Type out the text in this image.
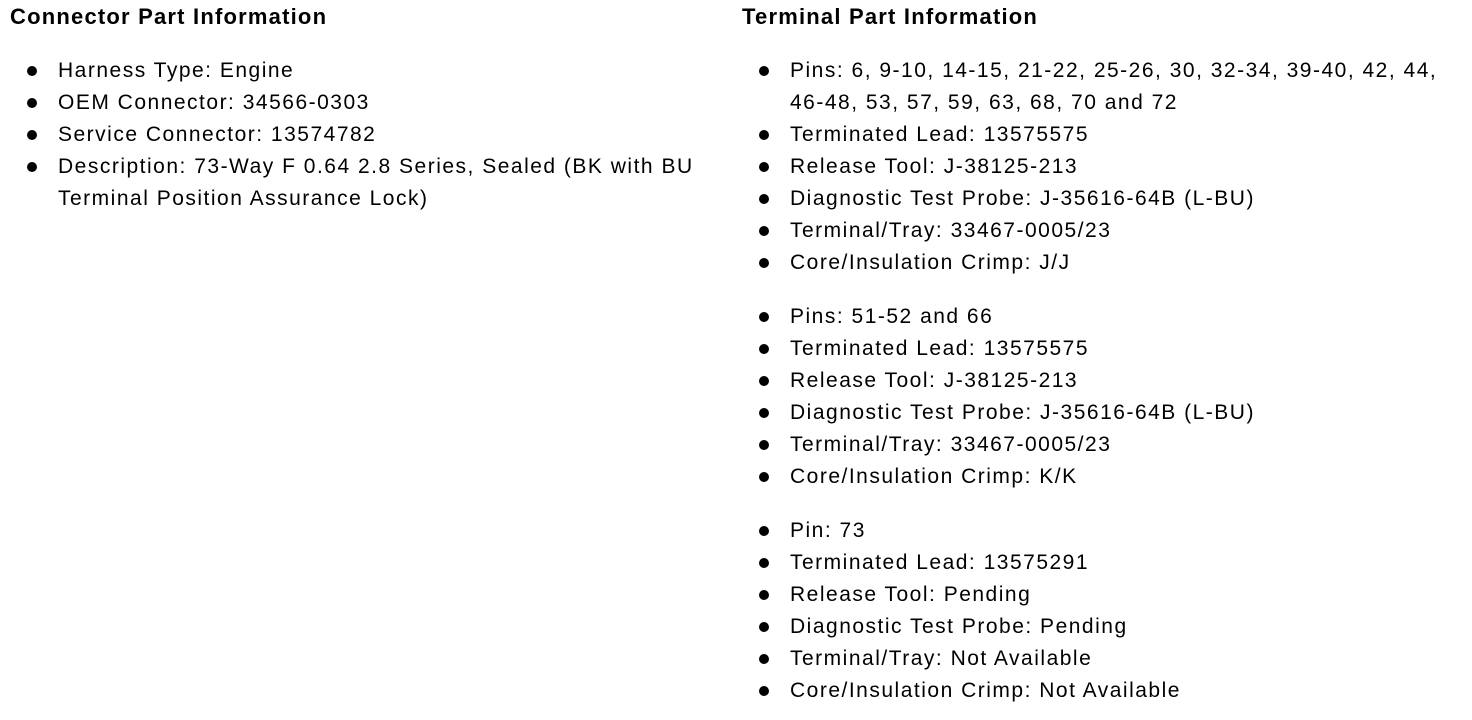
Connector Part Information
Harness Type: Engine
OEM Connector: 34566-0303
Service Connector: 13574782
Description: 73-Way F 0.64 2.8 Series, Sealed (BK with BU Terminal Position Assurance Lock)
Terminal Part Information
Pins: 6, 9-10, 14-15, 21-22, 25-26, 30, 32-34, 39-40, 42, 44, 46-48, 53, 57, 59, 63, 68, 70 and 72
Terminated Lead: 13575575
Release Tool: J-38125-213
Diagnostic Test Probe: J-35616-64B (L-BU)
Terminal/Tray: 33467-0005/23
Core/Insulation Crimp: J/J
Pins: 51-52 and 66
Terminated Lead: 13575575
Release Tool: J-38125-213
Diagnostic Test Probe: J-35616-64B (L-BU)
Terminal/Tray: 33467-0005/23
Core/Insulation Crimp: K/K
Pin: 73
Terminated Lead: 13575291
Release Tool: Pending
Diagnostic Test Probe: Pending
Terminal/Tray: Not Available
Core/Insulation Crimp: Not Available
